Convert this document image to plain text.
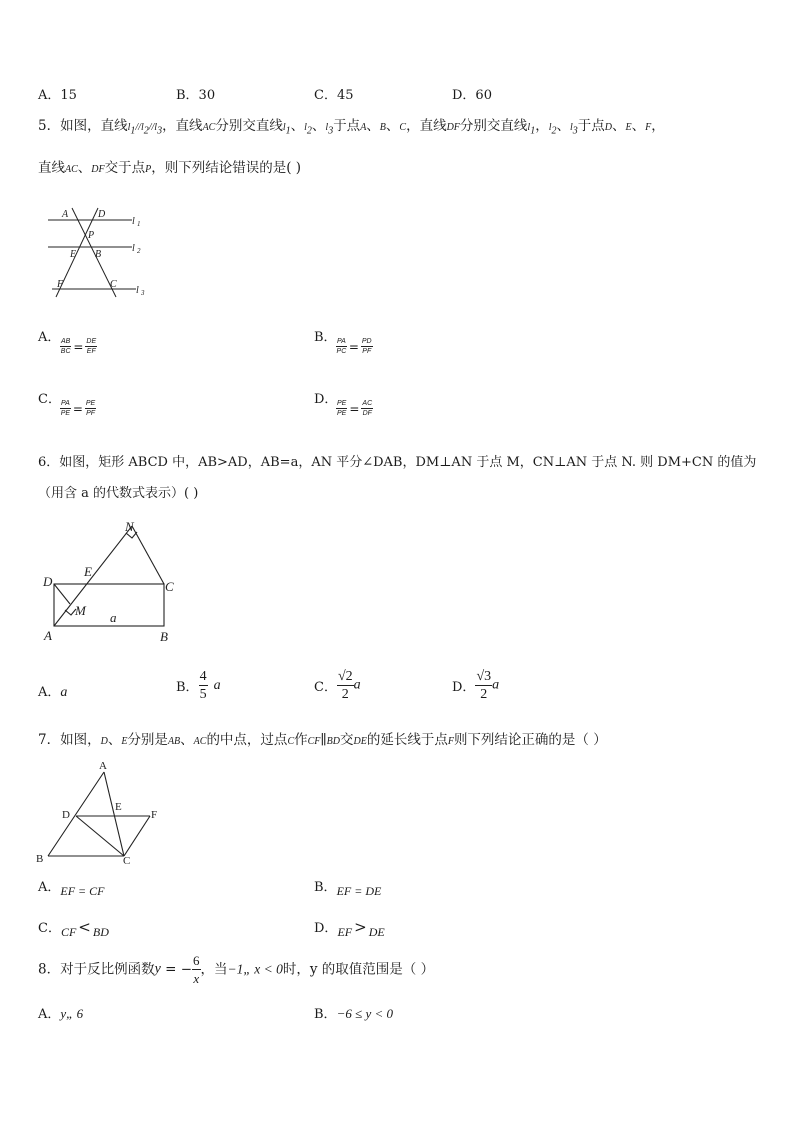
A．15	B．30	C．45	D．60
5．如图，直线$l_1//l_2//l_3$，直线AC分别交直线$l_1$、$l_2$、$l_3$于点A、B、C，直线DF分别交直线$l_1$，$l_2$、$l_3$于点D、E、F，
直线AC、DF交于点P，则下列结论错误的是( )
A	D
P
E B
F	C
l 1
l 2
l 3
A． $\frac{AB}{BC} = \frac{DE}{EF}$	B． $\frac{PA}{PC} = \frac{PD}{PF}$
C． $\frac{PA}{PE} = \frac{PE}{PF}$	D．
$\frac{PE}{PE} = \frac{AC}{DF}$
6．如图，矩形 ABCD 中，AB>AD，AB=a，AN 平分∠DAB，DM⊥AN 于点 M，CN⊥AN 于点 N. 则 DM+CN 的值为
（用含 a 的代数式表示）( )
N
E
D	C
M
A	B
a
A．a	B． $\frac{4}{5}$ a	C． $\frac{√2}{2}$ a	D． $\frac{√3}{2}$ a
7．如图，D、E分别是AB、AC的中点，过点C作CF∥BD交DE的延长线于点F则下列结论正确的是（ ）
A
D
E
F
B	C
A．EF = CF	B．EF = DE
C．CF < BD	D．EF > DE
8．对于反比例函数y = − $\frac{6}{x}$ ，当−1„ x < 0时，y 的取值范围是（ ）
A．y„ 6	B．−6 ≤ y < 0
